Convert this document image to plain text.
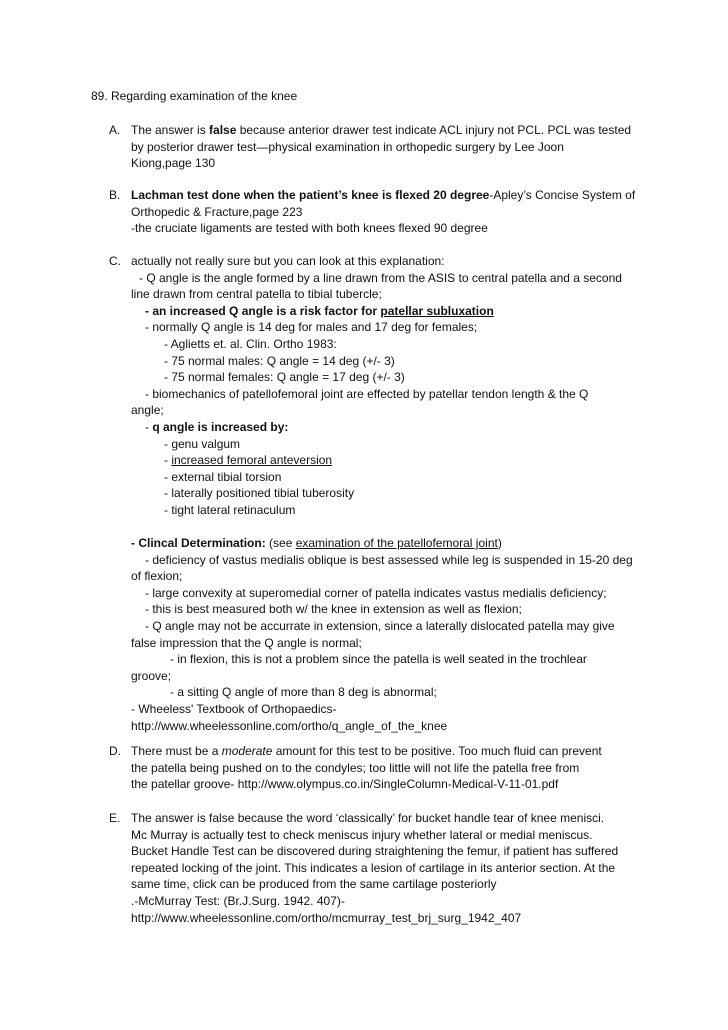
89. Regarding examination of the knee
A. The answer is false because anterior drawer test indicate ACL injury not PCL. PCL was tested
by posterior drawer test—physical examination in orthopedic surgery by Lee Joon
Kiong,page 130
B. Lachman test done when the patient’s knee is flexed 20 degree-Apley’s Concise System of
Orthopedic & Fracture,page 223
-the cruciate ligaments are tested with both knees flexed 90 degree
C. actually not really sure but you can look at this explanation:
- Q angle is the angle formed by a line drawn from the ASIS to central patella and a second
line drawn from central patella to tibial tubercle;
- an increased Q angle is a risk factor for patellar subluxation
- normally Q angle is 14 deg for males and 17 deg for females;
- Aglietts et. al. Clin. Ortho 1983:
- 75 normal males: Q angle = 14 deg (+/- 3)
- 75 normal females: Q angle = 17 deg (+/- 3)
- biomechanics of patellofemoral joint are effected by patellar tendon length & the Q
angle;
- q angle is increased by:
- genu valgum
- increased femoral anteversion
- external tibial torsion
- laterally positioned tibial tuberosity
- tight lateral retinaculum
- Clincal Determination: (see examination of the patellofemoral joint)
- deficiency of vastus medialis oblique is best assessed while leg is suspended in 15-20 deg
of flexion;
- large convexity at superomedial corner of patella indicates vastus medialis deficiency;
- this is best measured both w/ the knee in extension as well as flexion;
- Q angle may not be accurrate in extension, since a laterally dislocated patella may give
false impression that the Q angle is normal;
- in flexion, this is not a problem since the patella is well seated in the trochlear
groove;
- a sitting Q angle of more than 8 deg is abnormal;
- Wheeless' Textbook of Orthopaedics-
http://www.wheelessonline.com/ortho/q_angle_of_the_knee
D. There must be a moderate amount for this test to be positive. Too much fluid can prevent
the patella being pushed on to the condyles; too little will not life the patella free from
the patellar groove- http://www.olympus.co.in/SingleColumn-Medical-V-11-01.pdf
E. The answer is false because the word ‘classically’ for bucket handle tear of knee menisci.
Mc Murray is actually test to check meniscus injury whether lateral or medial meniscus.
Bucket Handle Test can be discovered during straightening the femur, if patient has suffered
repeated locking of the joint. This indicates a lesion of cartilage in its anterior section. At the
same time, click can be produced from the same cartilage posteriorly
.-McMurray Test: (Br.J.Surg. 1942. 407)-
http://www.wheelessonline.com/ortho/mcmurray_test_brj_surg_1942_407
